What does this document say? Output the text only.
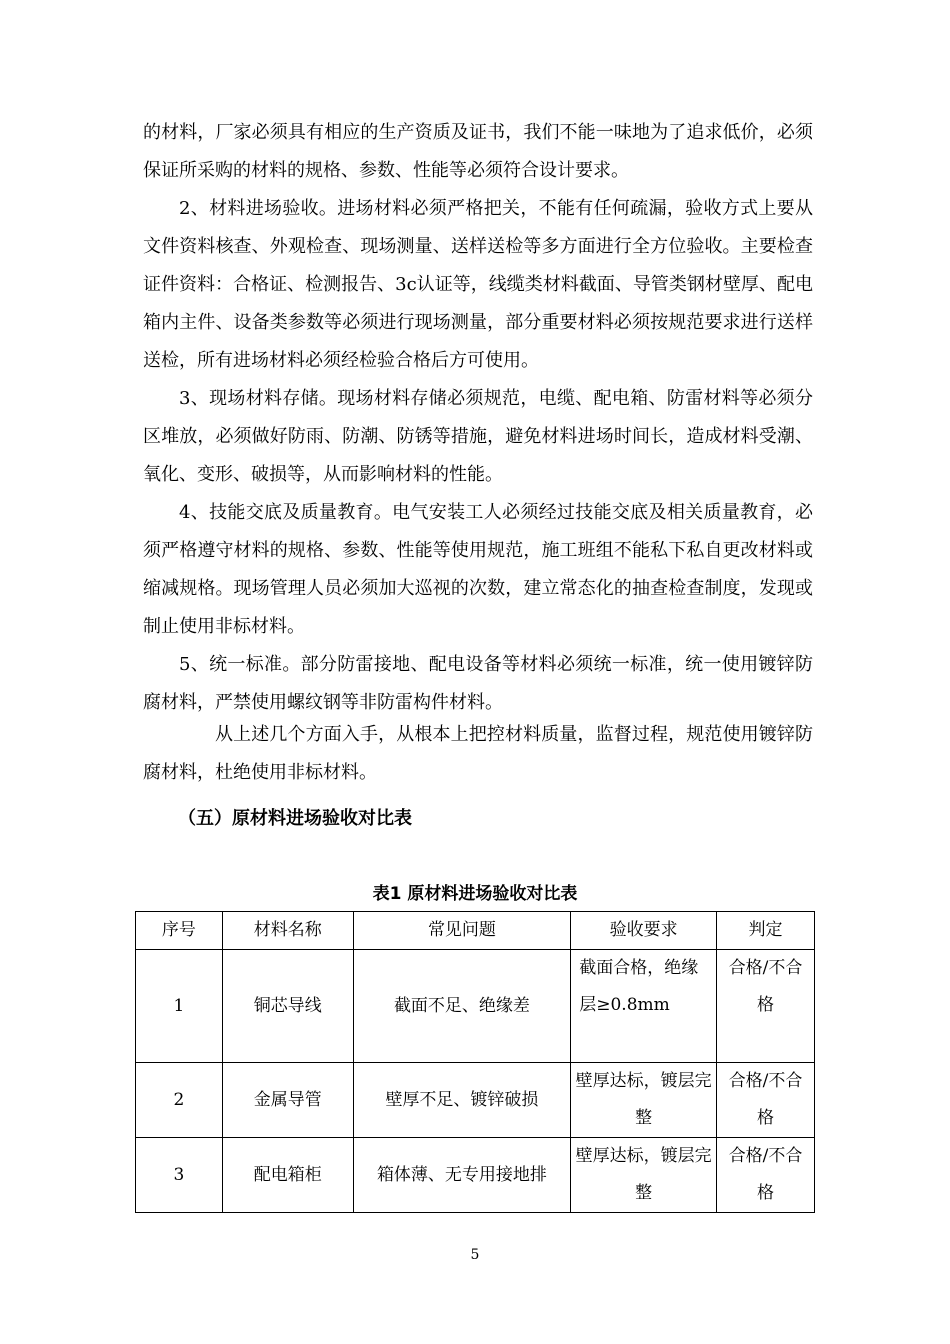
的材料，厂家必须具有相应的生产资质及证书，我们不能一味地为了追求低价，必须保证所采购的材料的规格、参数、性能等必须符合设计要求。

2、材料进场验收。进场材料必须严格把关，不能有任何疏漏，验收方式上要从文件资料核查、外观检查、现场测量、送样送检等多方面进行全方位验收。主要检查证件资料：合格证、检测报告、3c认证等，线缆类材料截面、导管类钢材壁厚、配电箱内主件、设备类参数等必须进行现场测量，部分重要材料必须按规范要求进行送样送检，所有进场材料必须经检验合格后方可使用。

3、现场材料存储。现场材料存储必须规范，电缆、配电箱、防雷材料等必须分区堆放，必须做好防雨、防潮、防锈等措施，避免材料进场时间长，造成材料受潮、氧化、变形、破损等，从而影响材料的性能。

4、技能交底及质量教育。电气安装工人必须经过技能交底及相关质量教育，必须严格遵守材料的规格、参数、性能等使用规范，施工班组不能私下私自更改材料或缩减规格。现场管理人员必须加大巡视的次数，建立常态化的抽查检查制度，发现或制止使用非标材料。

5、统一标准。部分防雷接地、配电设备等材料必须统一标准，统一使用镀锌防腐材料，严禁使用螺纹钢等非防雷构件材料。

从上述几个方面入手，从根本上把控材料质量，监督过程，规范使用镀锌防腐材料，杜绝使用非标材料。

（五）原材料进场验收对比表

表1 原材料进场验收对比表
序号	材料名称	常见问题	验收要求	判定
1	铜芯导线	截面不足、绝缘差	截面合格，绝缘层≥0.8mm	合格/不合格
2	金属导管	壁厚不足、镀锌破损	壁厚达标，镀层完整	合格/不合格
3	配电箱柜	箱体薄、无专用接地排	壁厚达标，镀层完整	合格/不合格
5
